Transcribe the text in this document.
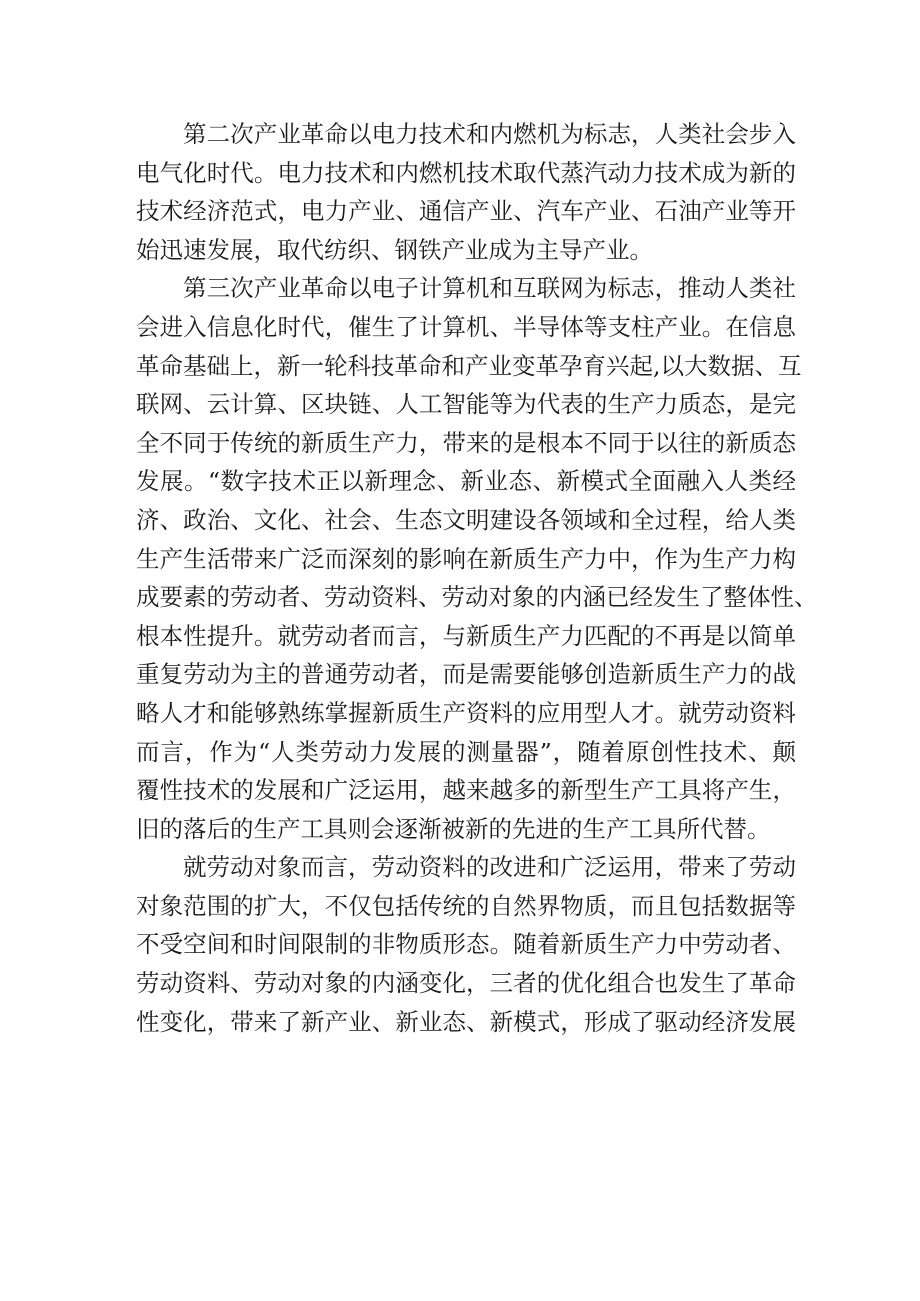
第二次产业革命以电力技术和内燃机为标志，人类社会步入
电气化时代。电力技术和内燃机技术取代蒸汽动力技术成为新的
技术经济范式，电力产业、通信产业、汽车产业、石油产业等开
始迅速发展，取代纺织、钢铁产业成为主导产业。
第三次产业革命以电子计算机和互联网为标志，推动人类社
会进入信息化时代，催生了计算机、半导体等支柱产业。在信息
革命基础上，新一轮科技革命和产业变革孕育兴起,以大数据、互
联网、云计算、区块链、人工智能等为代表的生产力质态，是完
全不同于传统的新质生产力，带来的是根本不同于以往的新质态
发展。“数字技术正以新理念、新业态、新模式全面融入人类经
济、政治、文化、社会、生态文明建设各领域和全过程，给人类
生产生活带来广泛而深刻的影响在新质生产力中，作为生产力构
成要素的劳动者、劳动资料、劳动对象的内涵已经发生了整体性、
根本性提升。就劳动者而言，与新质生产力匹配的不再是以简单
重复劳动为主的普通劳动者，而是需要能够创造新质生产力的战
略人才和能够熟练掌握新质生产资料的应用型人才。就劳动资料
而言，作为“人类劳动力发展的测量器”，随着原创性技术、颠
覆性技术的发展和广泛运用，越来越多的新型生产工具将产生，
旧的落后的生产工具则会逐渐被新的先进的生产工具所代替。
就劳动对象而言，劳动资料的改进和广泛运用，带来了劳动
对象范围的扩大，不仅包括传统的自然界物质，而且包括数据等
不受空间和时间限制的非物质形态。随着新质生产力中劳动者、
劳动资料、劳动对象的内涵变化，三者的优化组合也发生了革命
性变化，带来了新产业、新业态、新模式，形成了驱动经济发展
